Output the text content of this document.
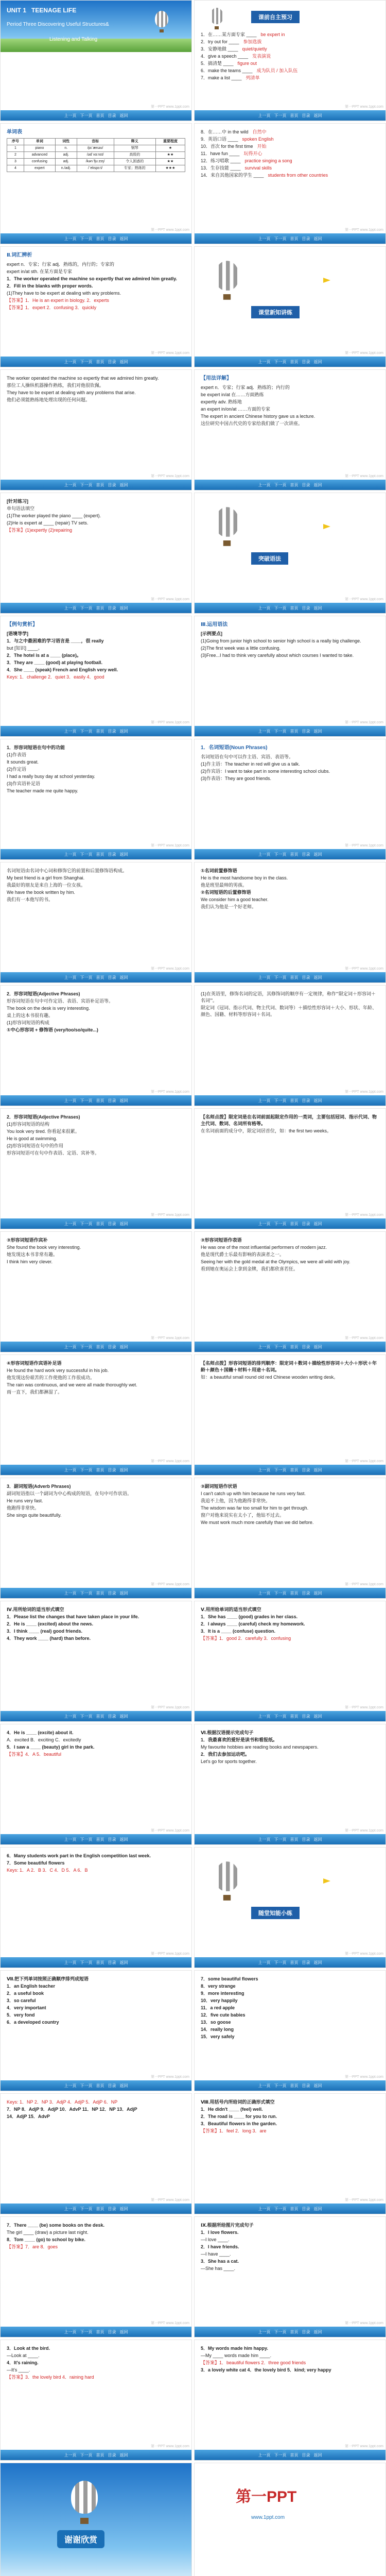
UNIT 1 TEENAGE LIFE
Period Three Discovering Useful Structures&
Listening and Talking
上一页 下一页 首页 目录 返回
第一PPT www.1ppt.com
课前自主预习

1．在……某方面专家 ____ be expert in

2．try out for ____ 参加选拔

3．安静地做 ____ quiet/quietly

4．give a speech ____ 发表演说

5．搞清楚 ____ figure out

6．make the teams ____ 成为队员 / 加入队伍

7．make a list ____ 列清单

上一页 下一页 首页 目录 返回
第一PPT www.1ppt.com
单词表
序号	单词	词性	音标	释义	重要程度
1	piano	n.	/pɪˈænəʊ/	钢琴	★
2	advanced	adj.	/ədˈvɑːnst/	高级的	★★
3	confusing	adj.	/kənˈfjuːzɪŋ/	令人困惑的	★★
4	expert	n./adj.	/ˈekspɜːt/	专家；熟练的	★★★
上一页 下一页 首页 目录 返回
第一PPT www.1ppt.com

8．在……中 in the wild 自然中

9．英语口语 ____ spoken English

10．首次 for the first time 开始

11．have fun ____ 玩得开心

12．练习唱歌 ____ practice singing a song

13．生存技能 ____ survival skills

14．来自其他国家的学生 ____ students from other countries

上一页 下一页 首页 目录 返回
第一PPT www.1ppt.com
Ⅱ.词汇辨析

expert n．专家；行家 adj．熟练的，内行的；专家的

expert in/at sth. 在某方面是专家

1．The worker operated the machine so expertly that we admired him greatly.

2．Fill in the blanks with proper words.

(1)They have to be expert at dealing with any problems.

【答案】1．He is an expert in biology. 2．experts

【答案】1．expert 2．confusing 3．quickly

上一页 下一页 首页 目录 返回
第一PPT www.1ppt.com
课堂新知讲练
上一页 下一页 首页 目录 返回
第一PPT www.1ppt.com

The worker operated the machine so expertly that we admired him greatly.

那位工人操纵机器操作熟练，我们对他很钦佩。

They have to be expert at dealing with any problems that arise.

他们必须能熟练地处理出现的任何问题。

上一页 下一页 首页 目录 返回
第一PPT www.1ppt.com
【用法详解】

expert n．专家；行家 adj．熟练的；内行的

be expert in/at 在……方面熟练

expertly adv. 熟练地

an expert in/on/at ……方面的专家

The expert in ancient Chinese history gave us a lecture.

这位研究中国古代史的专家给我们做了一次讲座。

上一页 下一页 首页 目录 返回
第一PPT www.1ppt.com

[针对练习]

单句语法填空

(1)The worker played the piano ____ (expert).

(2)He is expert at ____ (repair) TV sets.

【答案】(1)expertly (2)repairing

上一页 下一页 首页 目录 返回
第一PPT www.1ppt.com
突破语法
上一页 下一页 首页 目录 返回
第一PPT www.1ppt.com
【例句赏析】

[语境导学]

1．与之中最困难的学习语言是 ____，很 really

but [知识] ____。

2．The hotel is at a ____ (place)。

3．They are ____ (good) at playing football.

4．She ____ (speak) French and English very well.

Keys: 1．challenge 2．quiet 3．easily 4．good

上一页 下一页 首页 目录 返回
第一PPT www.1ppt.com
Ⅲ.运用语法

[示例要点]

(1)Going from junior high school to senior high school is a really big challenge.

(2)The first week was a little confusing.

(3)Free...I had to think very carefully about which courses I wanted to take.

上一页 下一页 首页 目录 返回
第一PPT www.1ppt.com

1．形容词短语在句中的功能

(1)作表语

It sounds great.

(2)作定语

I had a really busy day at school yesterday.

(3)作宾语补足语

The teacher made me quite happy.

上一页 下一页 首页 目录 返回
第一PPT www.1ppt.com
1．名词短语(Noun Phrases)

名词短语在句中可以作主语、宾语、表语等。

(1)作主语：The teacher in red will give us a talk.

(2)作宾语：I want to take part in some interesting school clubs.

(3)作表语：They are good friends.

上一页 下一页 首页 目录 返回
第一PPT www.1ppt.com

名词短语由名词中心词和修饰它的前置和后置修饰语构成。

My best friend is a girl from Shanghai.

我最好的朋友是来自上海的一位女孩。

We have the book written by him.

我们有一本他写的书。

上一页 下一页 首页 目录 返回
第一PPT www.1ppt.com

①名词前置修饰语

He is the most handsome boy in the class.

他是班里最帅的男孩。

②名词短语的后置修饰语

We consider him a good teacher.

我们认为他是一个好老师。

上一页 下一页 首页 目录 返回
第一PPT www.1ppt.com

2．形容词短语(Adjective Phrases)

形容词短语在句中可作定语、表语、宾语补足语等。

The book on the desk is very interesting.

桌上的这本书很有趣。

(1)形容词短语的构成

①中心形容词 + 修饰语 (very/too/so/quite...)

上一页 下一页 首页 目录 返回
第一PPT www.1ppt.com

(1)在英语里，修饰名词的定语，其修饰词的顺序有一定规律，称作“‘限定词＋形容词＋名词’”。

限定词（冠词、指示代词、物主代词、数词等）＋描绘性形容词＋大小、形状、年龄、颜色、国籍、材料等形容词＋名词。

上一页 下一页 首页 目录 返回
第一PPT www.1ppt.com

2．形容词短语(Adjective Phrases)

(1)形容词短语的结构

You look very tired. 你看起来很累。

He is good at swimming.

(2)形容词短语在句中的作用

形容词短语可在句中作表语、定语、宾补等。

上一页 下一页 首页 目录 返回
第一PPT www.1ppt.com

【名师点拨】限定词是在名词前面起限定作用的一类词，主要包括冠词、指示代词、物主代词、数词、名词所有格等。

在名词前面的成分中，限定词居首位，如：the first two weeks。

上一页 下一页 首页 目录 返回
第一PPT www.1ppt.com

③形容词短语作宾补

She found the book very interesting.

她发现这本书非常有趣。

I think him very clever.

上一页 下一页 首页 目录 返回
第一PPT www.1ppt.com

③形容词短语作表语

He was one of the most influential performers of modern jazz.

他是现代爵士乐最有影响的表演者之一。

Seeing her with the gold medal at the Olympics, we were all wild with joy.

看到她在奥运会上拿到金牌，我们都欣喜若狂。

上一页 下一页 首页 目录 返回
第一PPT www.1ppt.com

④形容词短语作宾语补足语

He found the hard work very successful in his job.

他发现这份艰苦的工作使他的工作很成功。

The rain was continuous, and we were all made thoroughly wet.

雨一直下，我们都淋湿了。

上一页 下一页 首页 目录 返回
第一PPT www.1ppt.com

【名师点拨】形容词短语的排列顺序：限定词＋数词＋描绘性形容词＋大小＋形状＋年龄＋颜色＋国籍＋材料＋用途＋名词。

如：a beautiful small round old red Chinese wooden writing desk。

上一页 下一页 首页 目录 返回
第一PPT www.1ppt.com

3．副词短语(Adverb Phrases)

副词短语指以一个副词为中心构成的短语，在句中可作状语。

He runs very fast.

他跑得非常快。

She sings quite beautifully.

上一页 下一页 首页 目录 返回
第一PPT www.1ppt.com

③副词短语作状语

I can't catch up with him because he runs very fast.

我追不上他，因为他跑得非常快。

The wisdom was far too small for him to get through.

窗户对他来说实在太小了，他钻不过去。

We must work much more carefully than we did before.

上一页 下一页 首页 目录 返回
第一PPT www.1ppt.com

Ⅳ.用所给词的适当形式填空

1．Please list the changes that have taken place in your life.

2．He is ____ (excited) about the news.

3．I think ____ (real) good friends.

4．They work ____ (hard) than before.

上一页 下一页 首页 目录 返回
第一PPT www.1ppt.com

Ⅴ.用所给单词的适当形式填空

1．She has ____ (good) grades in her class.

2．I always ____ (careful) check my homework.

3．It is a ____ (confuse) question.

【答案】1．good 2．carefully 3．confusing

上一页 下一页 首页 目录 返回
第一PPT www.1ppt.com

4．He is ____ (excite) about it.

A．excited B．exciting C．excitedly

5．I saw a ____ (beauty) girl in the park.

【答案】4．A 5．beautiful

上一页 下一页 首页 目录 返回
第一PPT www.1ppt.com

Ⅵ.根据汉语提示完成句子

1．我最喜欢的爱好是读书和看报纸。

My favourite hobbies are reading books and newspapers.

2．我们去参加运动吧。

Let's go for sports together.

上一页 下一页 首页 目录 返回
第一PPT www.1ppt.com

6．Many students work part in the English competition last week.

7．Some beautiful flowers

Keys: 1．A 2．B 3．C 4．D 5．A 6．B

上一页 下一页 首页 目录 返回
第一PPT www.1ppt.com
随堂知能小练
上一页 下一页 首页 目录 返回
第一PPT www.1ppt.com

Ⅶ.把下列单词按照正确顺序排列成短语

1．an English teacher

2．a useful book

3．so careful

4．very important

5．very fond

6．a developed country

上一页 下一页 首页 目录 返回
第一PPT www.1ppt.com

7．some beautiful flowers

8．very strange

9．more interesting

10．very happily

11．a red apple

12．five cute babies

13．so goose

14．really long

15．very safely

上一页 下一页 首页 目录 返回
第一PPT www.1ppt.com

Keys: 1．NP 2．NP 3．AdjP 4．AdjP 5．AdjP 6．NP

7．NP 8．AdjP 9．AdjP 10．AdvP 11．NP 12．NP 13．AdjP

14．AdjP 15．AdvP

上一页 下一页 首页 目录 返回
第一PPT www.1ppt.com

Ⅷ.用括号内所给词的正确形式填空

1．He didn't ____ (feel) well.

2．The road is ____ for you to run.

3．Beautiful flowers in the garden.

【答案】1．feel 2．long 3．are

上一页 下一页 首页 目录 返回
第一PPT www.1ppt.com

7．There ____ (be) some books on the desk.

The girl ____ (draw) a picture last night.

8．Tom ____ (go) to school by bike.

【答案】7．are 8．goes

上一页 下一页 首页 目录 返回
第一PPT www.1ppt.com

Ⅸ.根据所给图片完成句子

1．I love flowers.

—I love ____.

2．I have friends.

—I have ____.

3．She has a cat.

—She has ____.

上一页 下一页 首页 目录 返回
第一PPT www.1ppt.com

3．Look at the bird.

—Look at ____.

4．It's raining.

—It's ____.

【答案】3．the lovely bird 4．raining hard

上一页 下一页 首页 目录 返回
第一PPT www.1ppt.com

5．My words made him happy.

—My ____ words made him ____.

【答案】1．beautiful flowers 2．three good friends

3．a lovely white cat 4．the lovely bird 5．kind; very happy

上一页 下一页 首页 目录 返回
第一PPT www.1ppt.com
谢谢欣赏
第一PPT
www.1ppt.com
